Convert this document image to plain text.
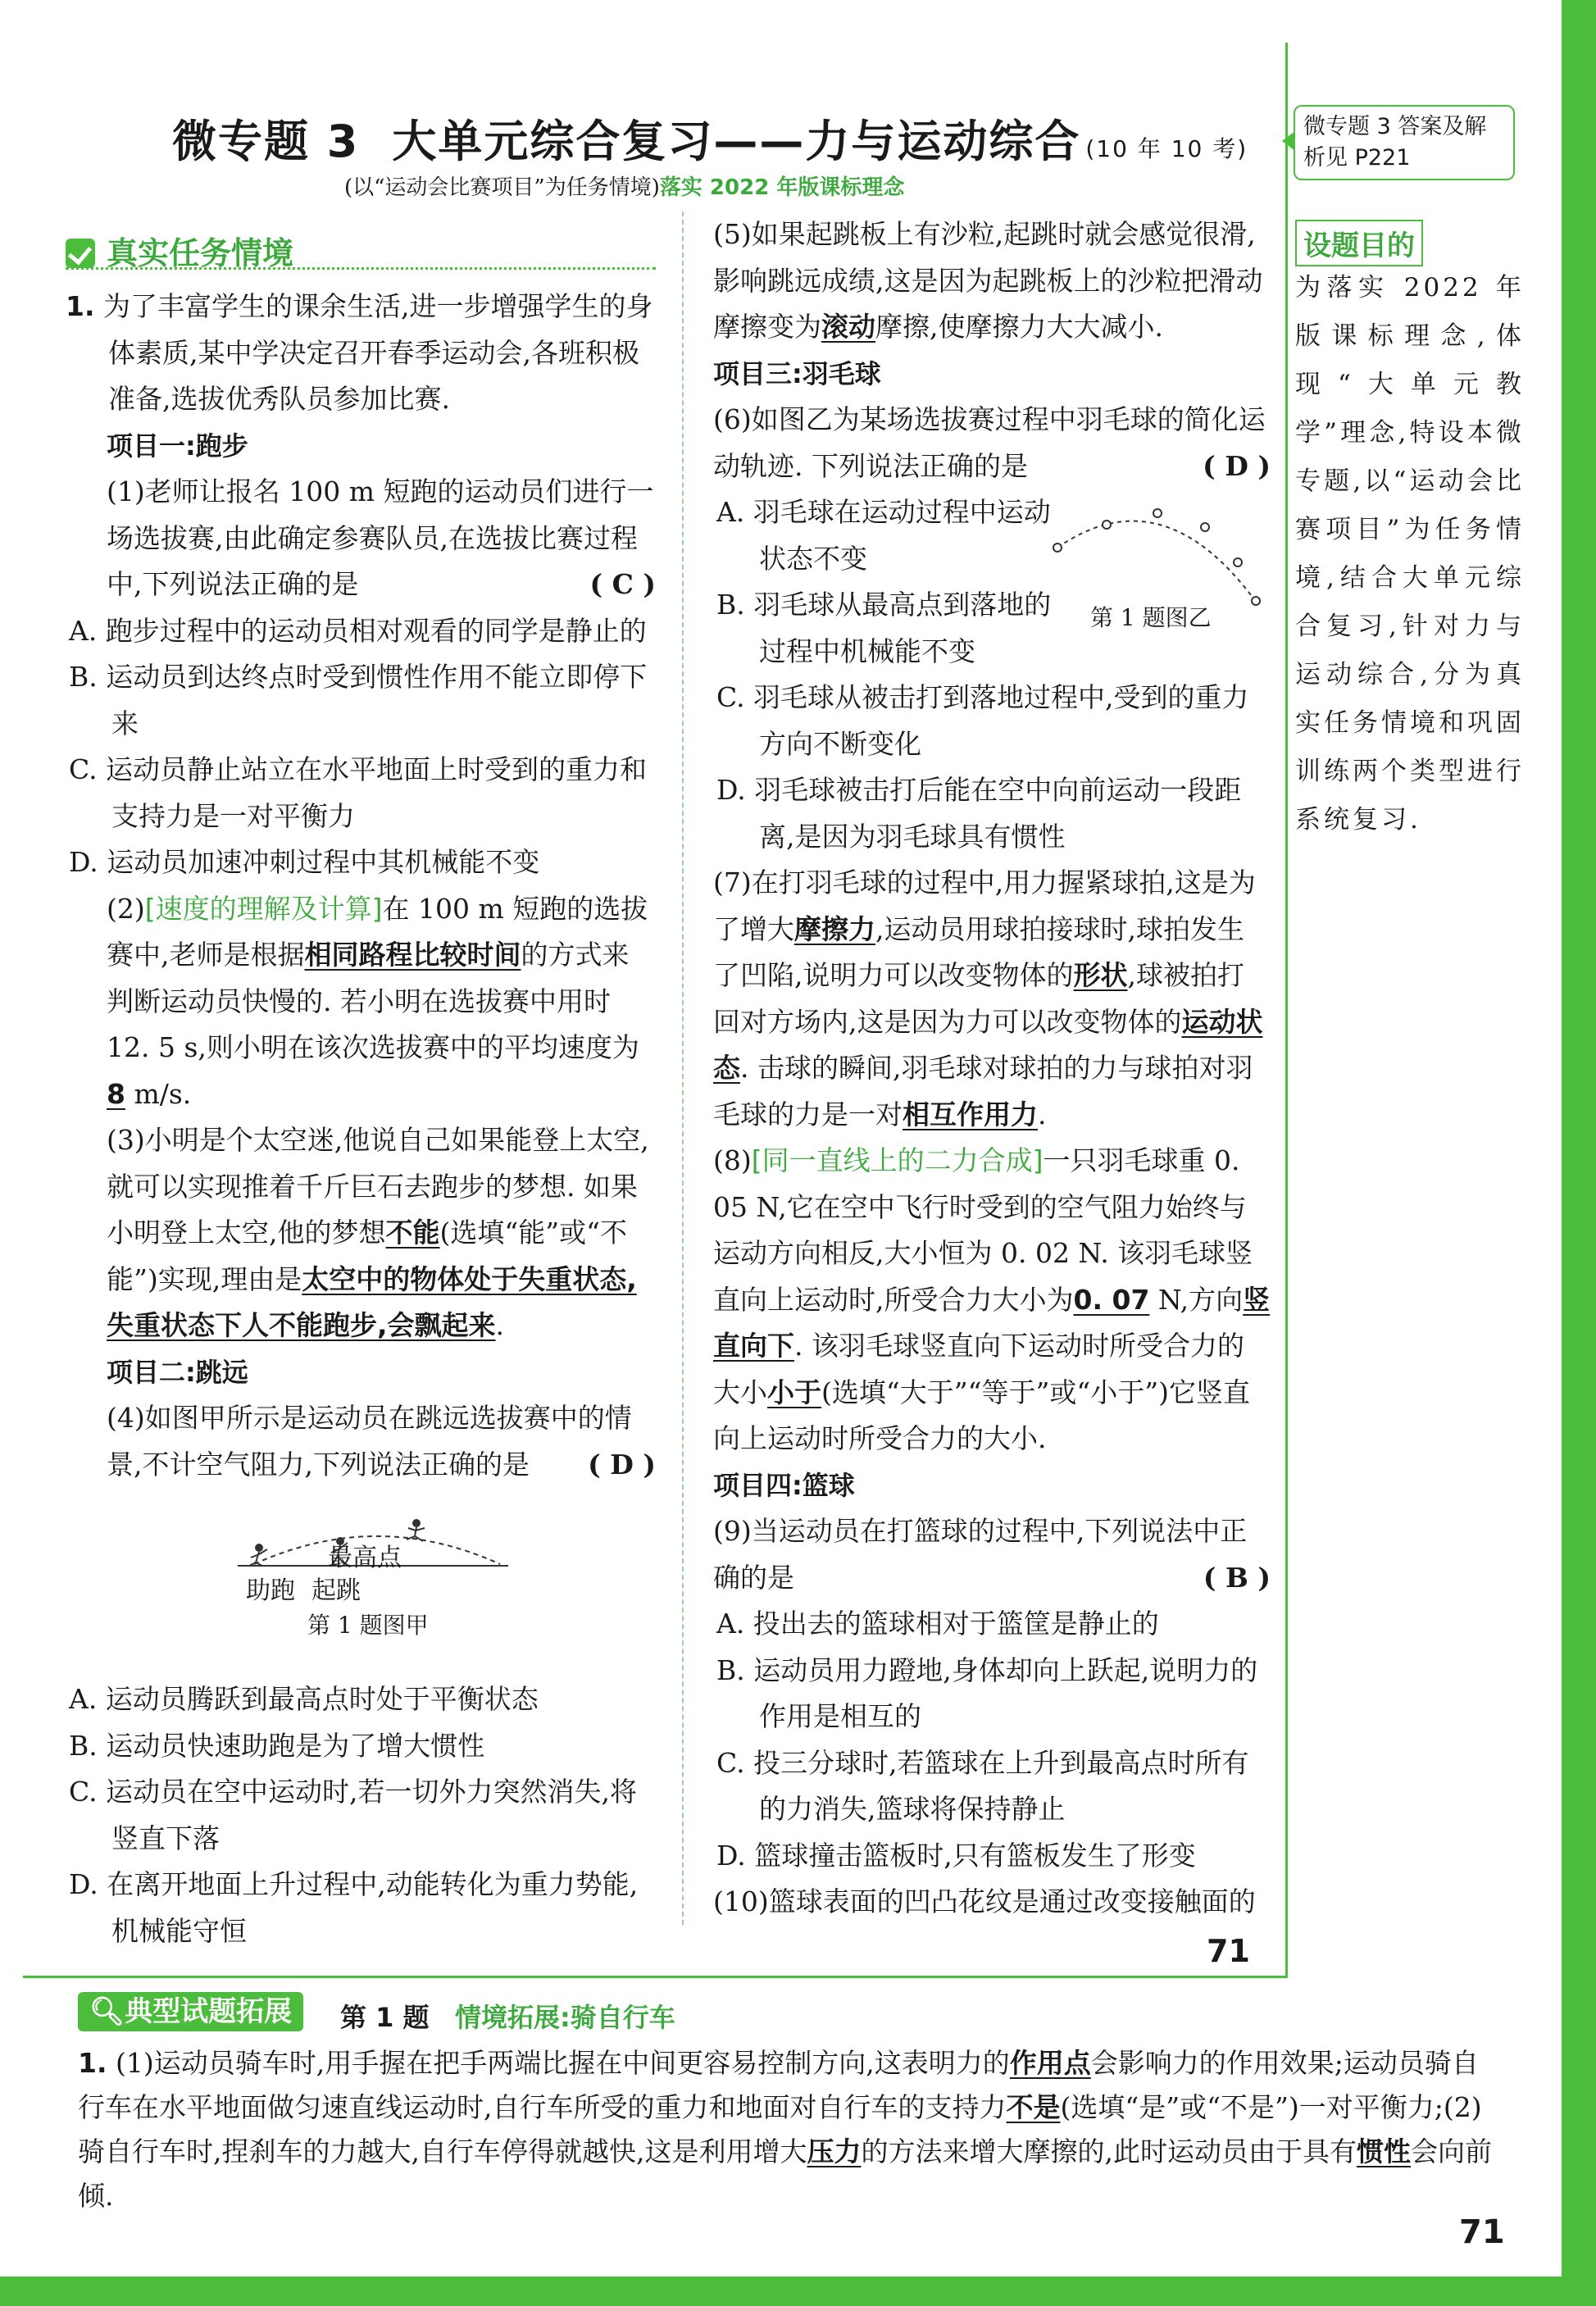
微专题 3 大单元综合复习——力与运动综合 (10 年 10 考)
(以“运动会比赛项目”为任务情境)落实 2022 年版课标理念
微专题 3 答案及解析见 P221
真实任务情境

1. 为了丰富学生的课余生活,进一步增强学生的身体素质,某中学决定召开春季运动会,各班积极准备,选拔优秀队员参加比赛.

项目一:跑步

(1)老师让报名 100 m 短跑的运动员们进行一场选拔赛,由此确定参赛队员,在选拔比赛过程中,下列说法正确的是	( C )

A. 跑步过程中的运动员相对观看的同学是静止的

B. 运动员到达终点时受到惯性作用不能立即停下来

C. 运动员静止站立在水平地面上时受到的重力和支持力是一对平衡力

D. 运动员加速冲刺过程中其机械能不变

(2)[速度的理解及计算]在 100 m 短跑的选拔赛中,老师是根据相同路程比较时间的方式来判断运动员快慢的. 若小明在选拔赛中用时 12. 5 s,则小明在该次选拔赛中的平均速度为8 m/s.

(3)小明是个太空迷,他说自己如果能登上太空,就可以实现推着千斤巨石去跑步的梦想. 如果小明登上太空,他的梦想不能(选填“能”或“不能”)实现,理由是太空中的物体处于失重状态,失重状态下人不能跑步,会飘起来.

项目二:跳远

(4)如图甲所示是运动员在跳远选拔赛中的情景,不计空气阻力,下列说法正确的是 ( D )

A. 运动员腾跃到最高点时处于平衡状态

B. 运动员快速助跑是为了增大惯性

C. 运动员在空中运动时,若一切外力突然消失,将竖直下落

D. 在离开地面上升过程中,动能转化为重力势能,机械能守恒

最高点
助跑 起跳
第 1 题图甲

(5)如果起跳板上有沙粒,起跳时就会感觉很滑,影响跳远成绩,这是因为起跳板上的沙粒把滑动摩擦变为滚动摩擦,使摩擦力大大减小.

项目三:羽毛球

(6)如图乙为某场选拔赛过程中羽毛球的简化运动轨迹. 下列说法正确的是	( D )

A. 羽毛球在运动过程中运动状态不变

B. 羽毛球从最高点到落地的过程中机械能不变

C. 羽毛球从被击打到落地过程中,受到的重力方向不断变化

D. 羽毛球被击打后能在空中向前运动一段距离,是因为羽毛球具有惯性

(7)在打羽毛球的过程中,用力握紧球拍,这是为了增大摩擦力,运动员用球拍接球时,球拍发生了凹陷,说明力可以改变物体的形状,球被拍打回对方场内,这是因为力可以改变物体的运动状态. 击球的瞬间,羽毛球对球拍的力与球拍对羽毛球的力是一对相互作用力.

(8)[同一直线上的二力合成]一只羽毛球重 0. 05 N,它在空中飞行时受到的空气阻力始终与运动方向相反,大小恒为 0. 02 N. 该羽毛球竖直向上运动时,所受合力大小为0. 07 N,方向竖直向下. 该羽毛球竖直向下运动时所受合力的大小小于(选填“大于”“等于”或“小于”)它竖直向上运动时所受合力的大小.

项目四:篮球

(9)当运动员在打篮球的过程中,下列说法中正确的是	( B )

A. 投出去的篮球相对于篮筐是静止的

B. 运动员用力蹬地,身体却向上跃起,说明力的作用是相互的

C. 投三分球时,若篮球在上升到最高点时所有的力消失,篮球将保持静止

D. 篮球撞击篮板时,只有篮板发生了形变

(10)篮球表面的凹凸花纹是通过改变接触面的

第 1 题图乙
设题目的
为落实 2022 年版课标理念,体现“大单元教学”理念,特设本微专题,以“运动会比赛项目”为任务情境,结合大单元综合复习,针对力与运动综合,分为真实任务情境和巩固训练两个类型进行系统复习.
71
🔍︎典型试题拓展	第 1 题 情境拓展:骑自行车
1. (1)运动员骑车时,用手握在把手两端比握在中间更容易控制方向,这表明力的作用点会影响力的作用效果;运动员骑自行车在水平地面做匀速直线运动时,自行车所受的重力和地面对自行车的支持力不是(选填“是”或“不是”)一对平衡力;(2)骑自行车时,捏刹车的力越大,自行车停得就越快,这是利用增大压力的方法来增大摩擦的,此时运动员由于具有惯性会向前倾.
71
